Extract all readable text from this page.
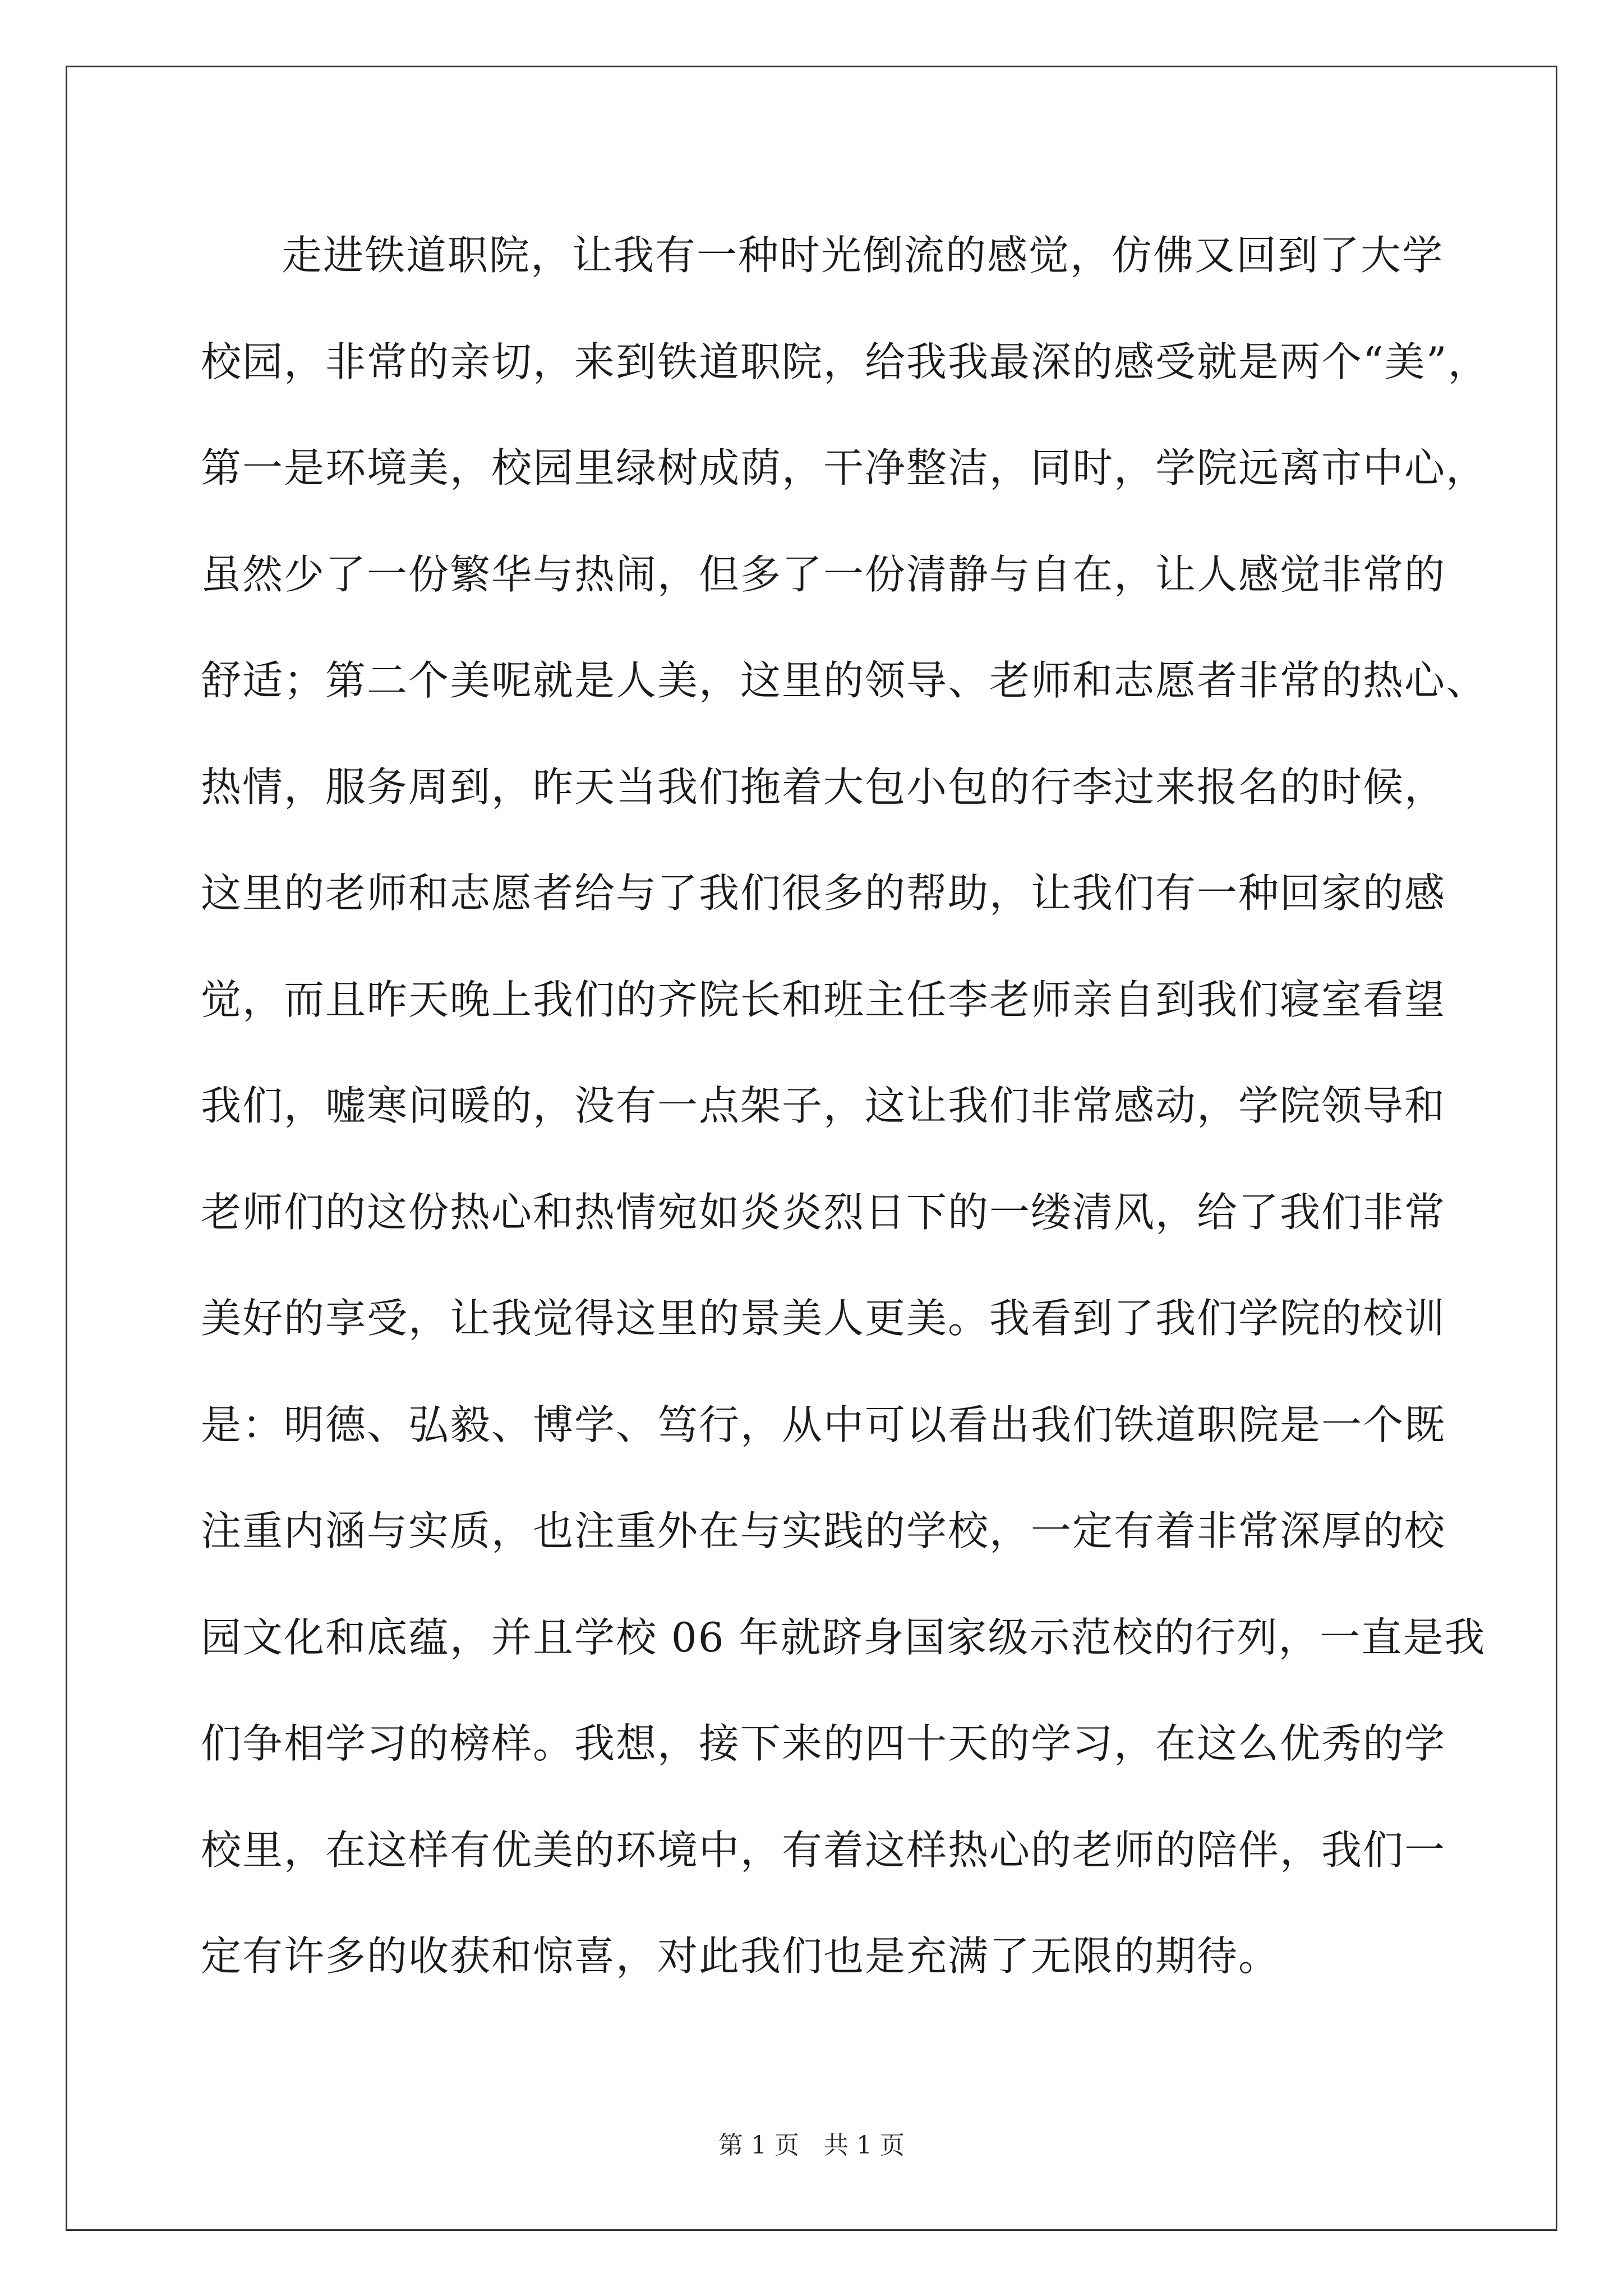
走进铁道职院，让我有一种时光倒流的感觉，仿佛又回到了大学
校园，非常的亲切，来到铁道职院，给我我最深的感受就是两个“美”，
第一是环境美，校园里绿树成荫，干净整洁，同时，学院远离市中心，
虽然少了一份繁华与热闹，但多了一份清静与自在，让人感觉非常的
舒适；第二个美呢就是人美，这里的领导、老师和志愿者非常的热心、
热情，服务周到，昨天当我们拖着大包小包的行李过来报名的时候，
这里的老师和志愿者给与了我们很多的帮助，让我们有一种回家的感
觉，而且昨天晚上我们的齐院长和班主任李老师亲自到我们寝室看望
我们，嘘寒问暖的，没有一点架子，这让我们非常感动，学院领导和
老师们的这份热心和热情宛如炎炎烈日下的一缕清风，给了我们非常
美好的享受，让我觉得这里的景美人更美。我看到了我们学院的校训
是：明德、弘毅、博学、笃行，从中可以看出我们铁道职院是一个既
注重内涵与实质，也注重外在与实践的学校，一定有着非常深厚的校
园文化和底蕴，并且学校 06 年就跻身国家级示范校的行列，一直是我
们争相学习的榜样。我想，接下来的四十天的学习，在这么优秀的学
校里，在这样有优美的环境中，有着这样热心的老师的陪伴，我们一
定有许多的收获和惊喜，对此我们也是充满了无限的期待。
第 1 页　共 1 页
